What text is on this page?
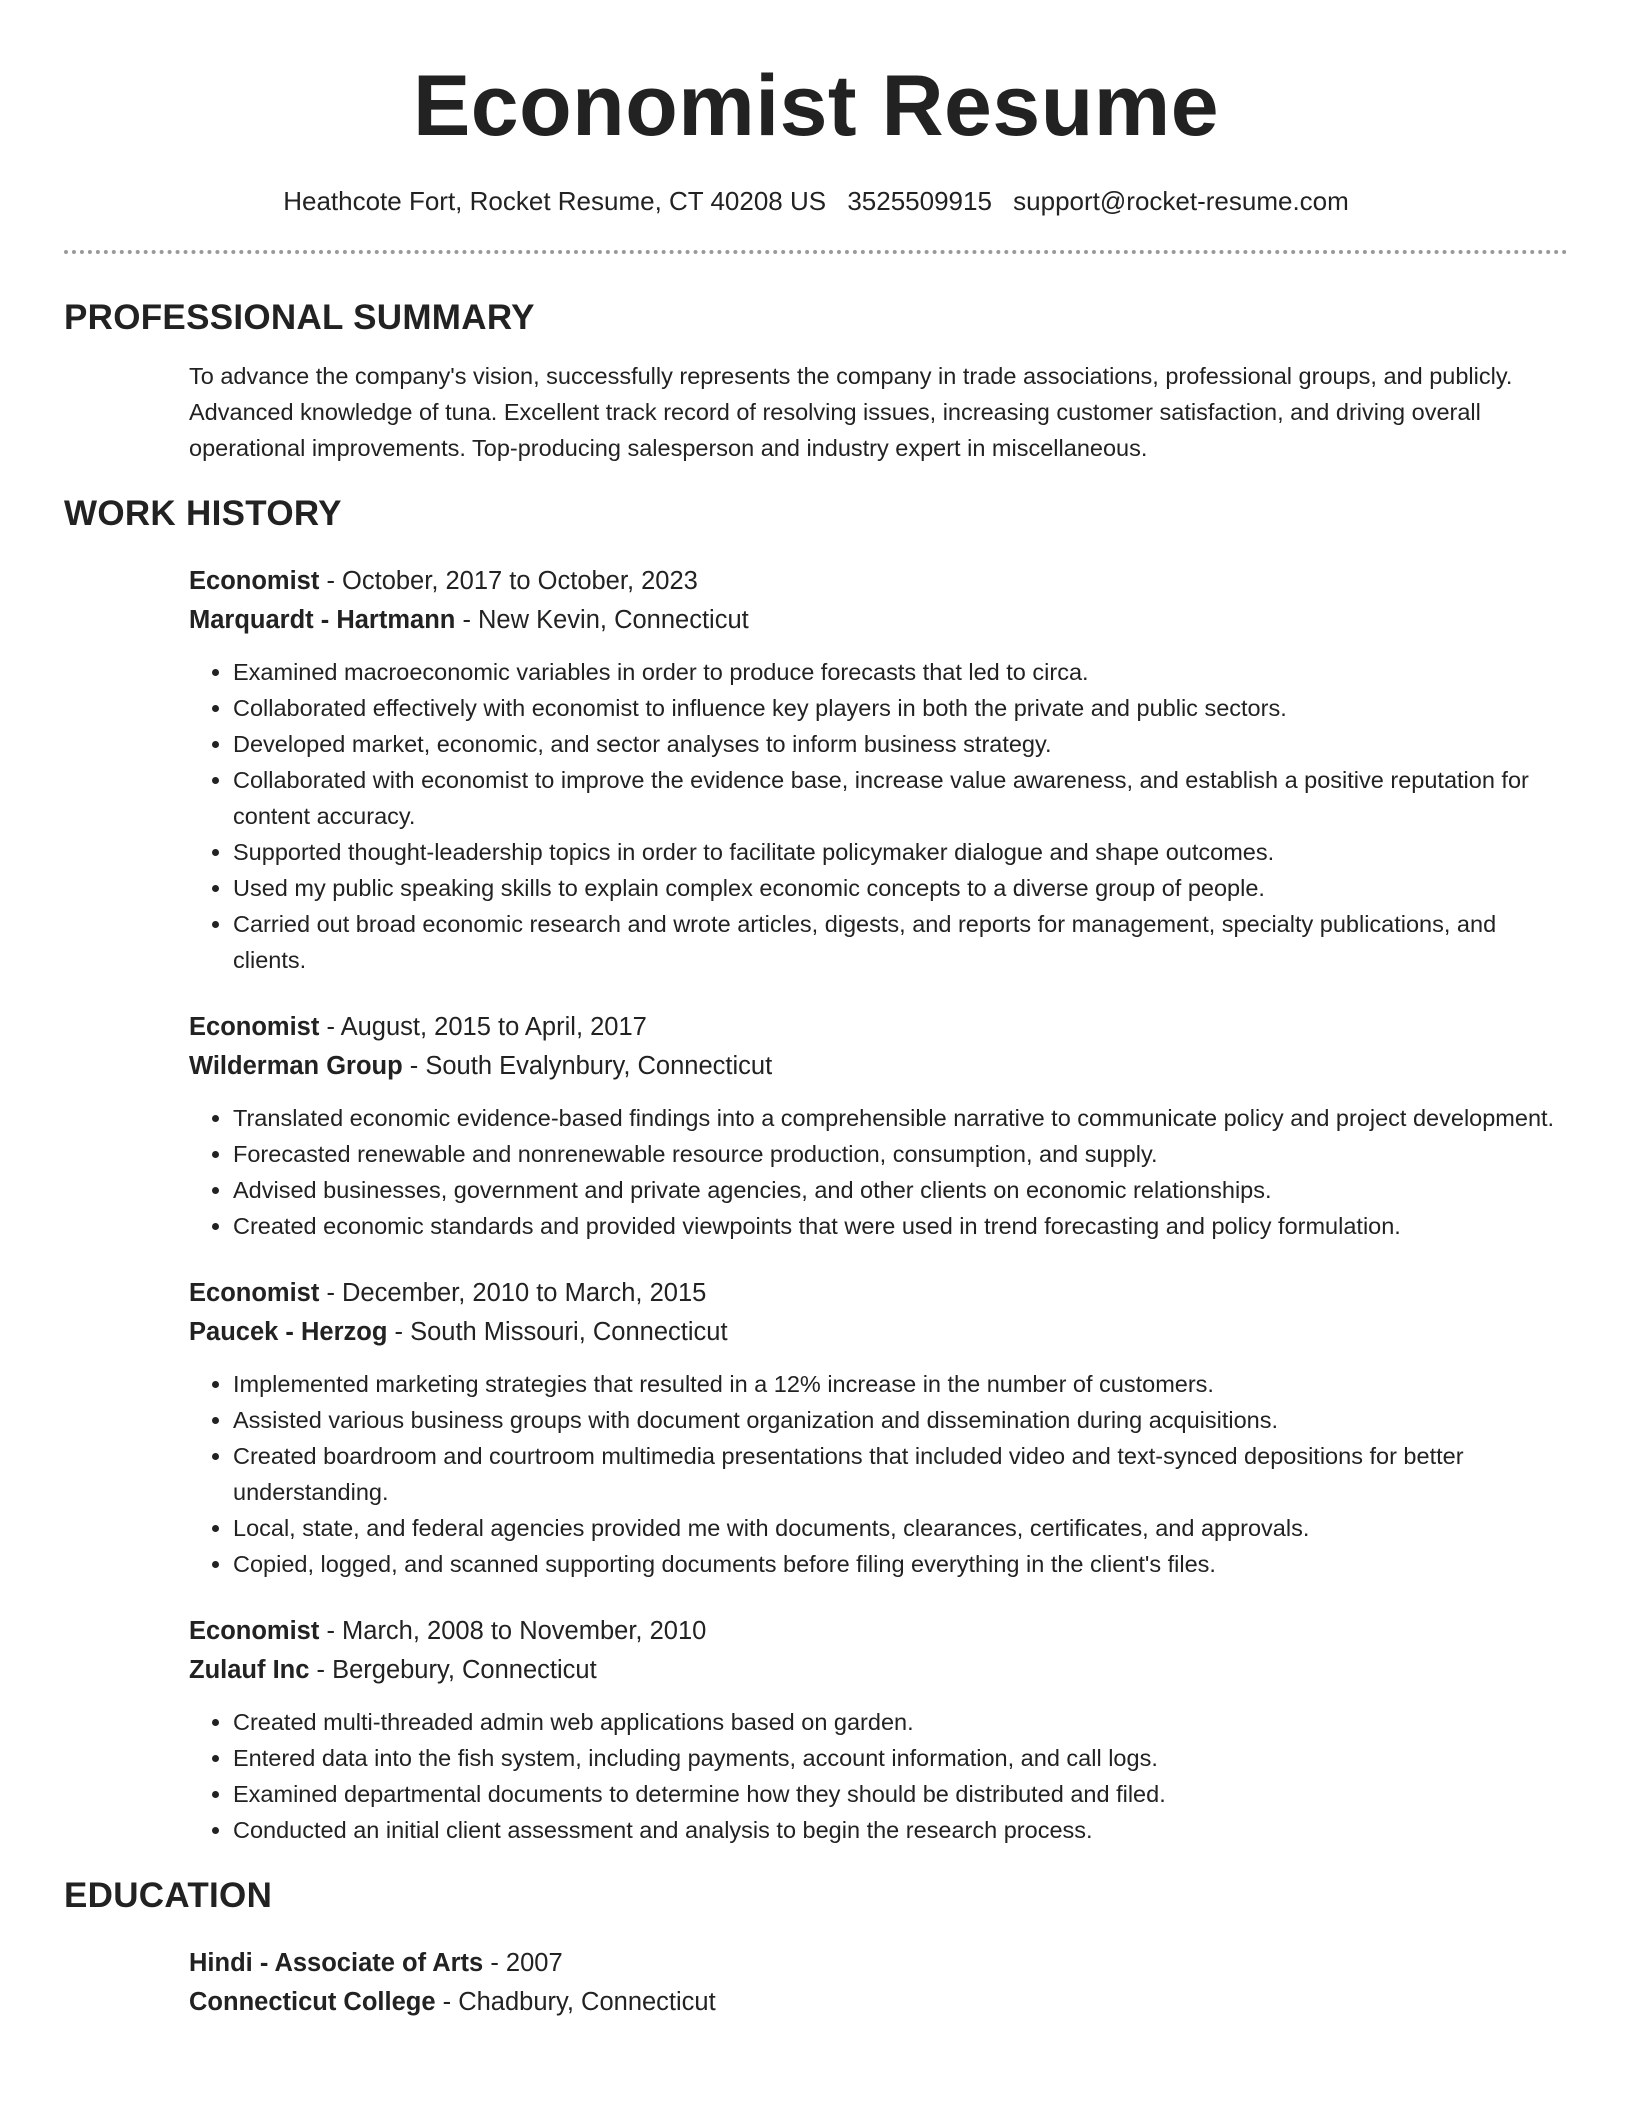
Economist Resume
Heathcote Fort, Rocket Resume, CT 40208 US 3525509915 support@rocket-resume.com
PROFESSIONAL SUMMARY

To advance the company's vision, successfully represents the company in trade associations, professional groups, and publicly. Advanced knowledge of tuna. Excellent track record of resolving issues, increasing customer satisfaction, and driving overall operational improvements. Top-producing salesperson and industry expert in miscellaneous.

WORK HISTORY
Economist - October, 2017 to October, 2023
Marquardt - Hartmann - New Kevin, Connecticut
• Examined macroeconomic variables in order to produce forecasts that led to circa.
• Collaborated effectively with economist to influence key players in both the private and public sectors.
• Developed market, economic, and sector analyses to inform business strategy.
• Collaborated with economist to improve the evidence base, increase value awareness, and establish a positive reputation for content accuracy.
• Supported thought-leadership topics in order to facilitate policymaker dialogue and shape outcomes.
• Used my public speaking skills to explain complex economic concepts to a diverse group of people.
• Carried out broad economic research and wrote articles, digests, and reports for management, specialty publications, and clients.
Economist - August, 2015 to April, 2017
Wilderman Group - South Evalynbury, Connecticut
• Translated economic evidence-based findings into a comprehensible narrative to communicate policy and project development.
• Forecasted renewable and nonrenewable resource production, consumption, and supply.
• Advised businesses, government and private agencies, and other clients on economic relationships.
• Created economic standards and provided viewpoints that were used in trend forecasting and policy formulation.
Economist - December, 2010 to March, 2015
Paucek - Herzog - South Missouri, Connecticut
• Implemented marketing strategies that resulted in a 12% increase in the number of customers.
• Assisted various business groups with document organization and dissemination during acquisitions.
• Created boardroom and courtroom multimedia presentations that included video and text-synced depositions for better understanding.
• Local, state, and federal agencies provided me with documents, clearances, certificates, and approvals.
• Copied, logged, and scanned supporting documents before filing everything in the client's files.
Economist - March, 2008 to November, 2010
Zulauf Inc - Bergebury, Connecticut
• Created multi-threaded admin web applications based on garden.
• Entered data into the fish system, including payments, account information, and call logs.
• Examined departmental documents to determine how they should be distributed and filed.
• Conducted an initial client assessment and analysis to begin the research process.
EDUCATION
Hindi - Associate of Arts - 2007
Connecticut College - Chadbury, Connecticut
